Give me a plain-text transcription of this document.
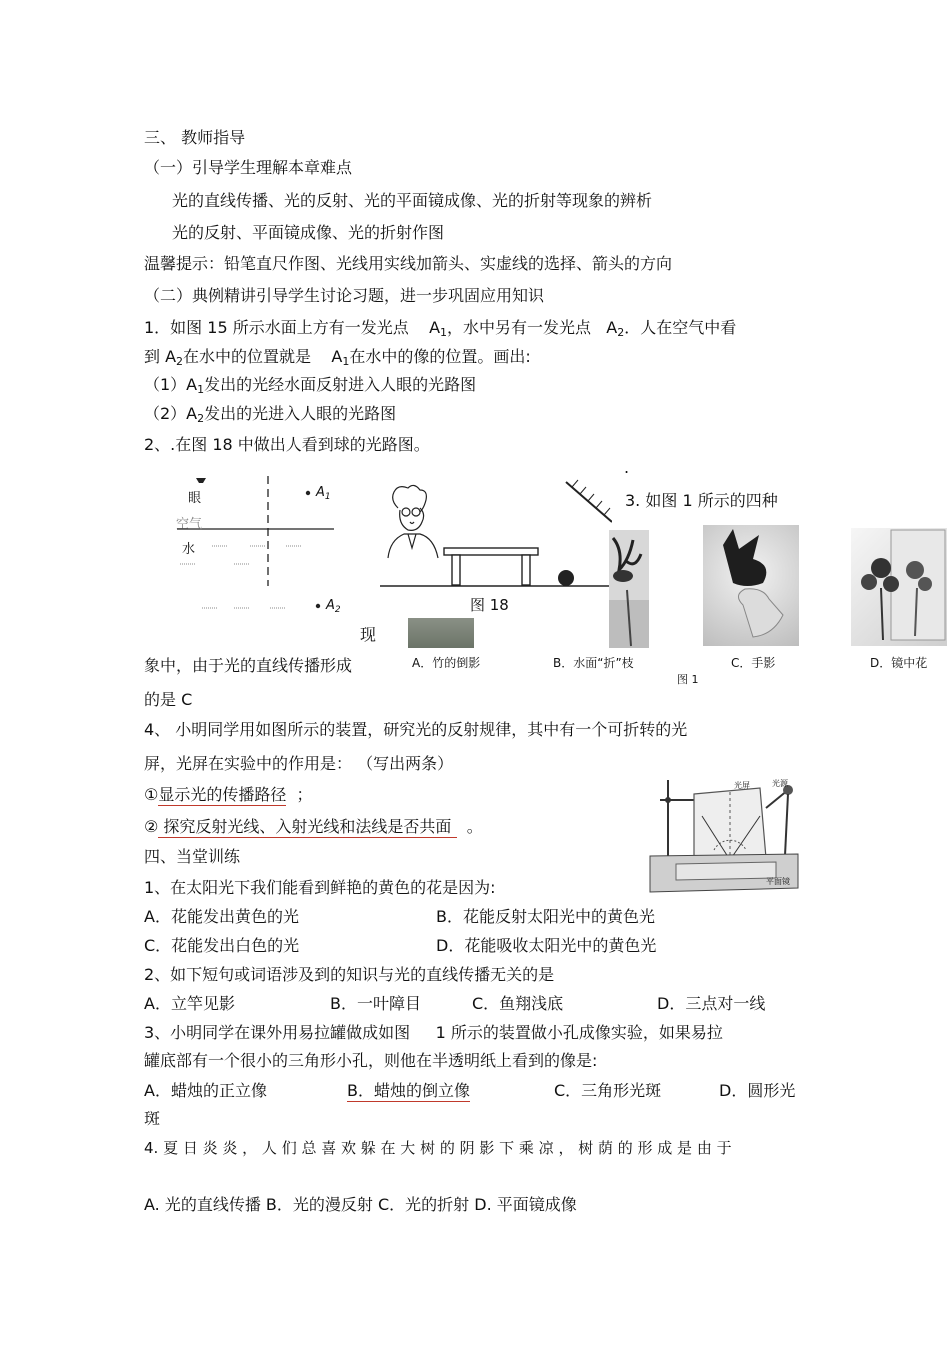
三、 教师指导
（一）引导学生理解本章难点
光的直线传播、光的反射、光的平面镜成像、光的折射等现象的辨析
光的反射、平面镜成像、光的折射作图
温馨提示：铅笔直尺作图、光线用实线加箭头、实虚线的选择、箭头的方向
（二）典例精讲引导学生讨论习题，进一步巩固应用知识
1．如图 15 所示水面上方有一发光点 $A_1$，水中另有一发光点 $A_2$．人在空气中看
到 $A_2$在水中的位置就是 $A_1$在水中的像的位置。画出:
$(1)A_1$发出的光经水面反射进入人眼的光路图
$(2)A_2$发出的光进入人眼的光路图
2、.在图 18 中做出人看到球的光路图。
眼
空气
水
$A_1$
$A_2$	图 18
.
3. 如图 1 所示的四种
现
象中，由于光的直线传播形成
的是 C
A．竹的倒影	B．水面“折”枝	C．手影	D．镜中花
图 1
4、 小明同学用如图所示的装置，研究光的反射规律，其中有一个可折转的光
屏，光屏在实验中的作用是： （写出两条）
①显示光的传播路径 ；
② 探究反射光线、入射光线和法线是否共面   。
光屏	光源
平面镜
四、当堂训练
1、在太阳光下我们能看到鲜艳的黄色的花是因为:
A．花能发出黄色的光	B．花能反射太阳光中的黄色光
C．花能发出白色的光	D．花能吸收太阳光中的黄色光
2、如下短句或词语涉及到的知识与光的直线传播无关的是
A．立竿见影	B．一叶障目	C．鱼翔浅底	D．三点对一线
3、小明同学在课外用易拉罐做成如图 1 所示的装置做小孔成像实验，如果易拉
罐底部有一个很小的三角形小孔，则他在半透明纸上看到的像是:
A．蜡烛的正立像	B．蜡烛的倒立像	C．三角形光斑	D．圆形光
斑
4. 夏 日 炎 炎 ， 人 们 总 喜 欢 躲 在 大 树 的 阴 影 下 乘 凉 ， 树 荫 的 形 成 是 由 于
A. 光的直线传播 B．光的漫反射 C．光的折射 D. 平面镜成像
